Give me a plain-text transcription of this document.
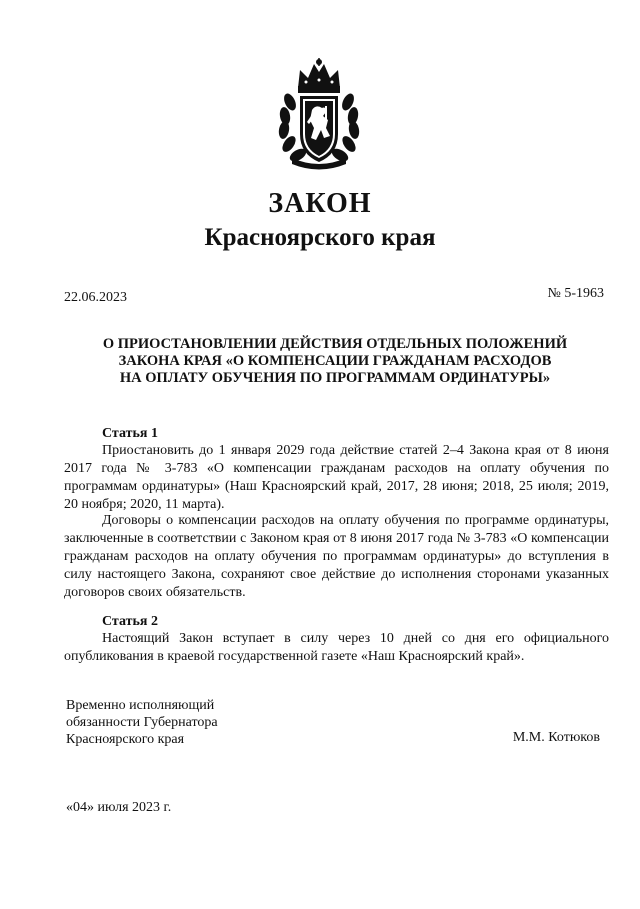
ЗАКОН
Красноярского края
22.06.2023	№ 5-1963
О ПРИОСТАНОВЛЕНИИ ДЕЙСТВИЯ ОТДЕЛЬНЫХ ПОЛОЖЕНИЙ
ЗАКОНА КРАЯ «О КОМПЕНСАЦИИ ГРАЖДАНАМ РАСХОДОВ
НА ОПЛАТУ ОБУЧЕНИЯ ПО ПРОГРАММАМ ОРДИНАТУРЫ»
Статья 1

Приостановить до 1 января 2029 года действие статей 2–4 Закона края от 8 июня 2017 года № 3-783 «О компенсации гражданам расходов на оплату обучения по программам ординатуры» (Наш Красноярский край, 2017, 28 июня; 2018, 25 июля; 2019, 20 ноября; 2020, 11 марта).

Договоры о компенсации расходов на оплату обучения по программе ординатуры, заключенные в соответствии с Законом края от 8 июня 2017 года № 3-783 «О компенсации гражданам расходов на оплату обучения по программам ординатуры» до вступления в силу настоящего Закона, сохраняют свое действие до исполнения сторонами указанных договоров своих обязательств.

Статья 2

Настоящий Закон вступает в силу через 10 дней со дня его официального опубликования в краевой государственной газете «Наш Красноярский край».

Временно исполняющий
обязанности Губернатора
Красноярского края	М.М. Котюков
«04» июля 2023 г.
